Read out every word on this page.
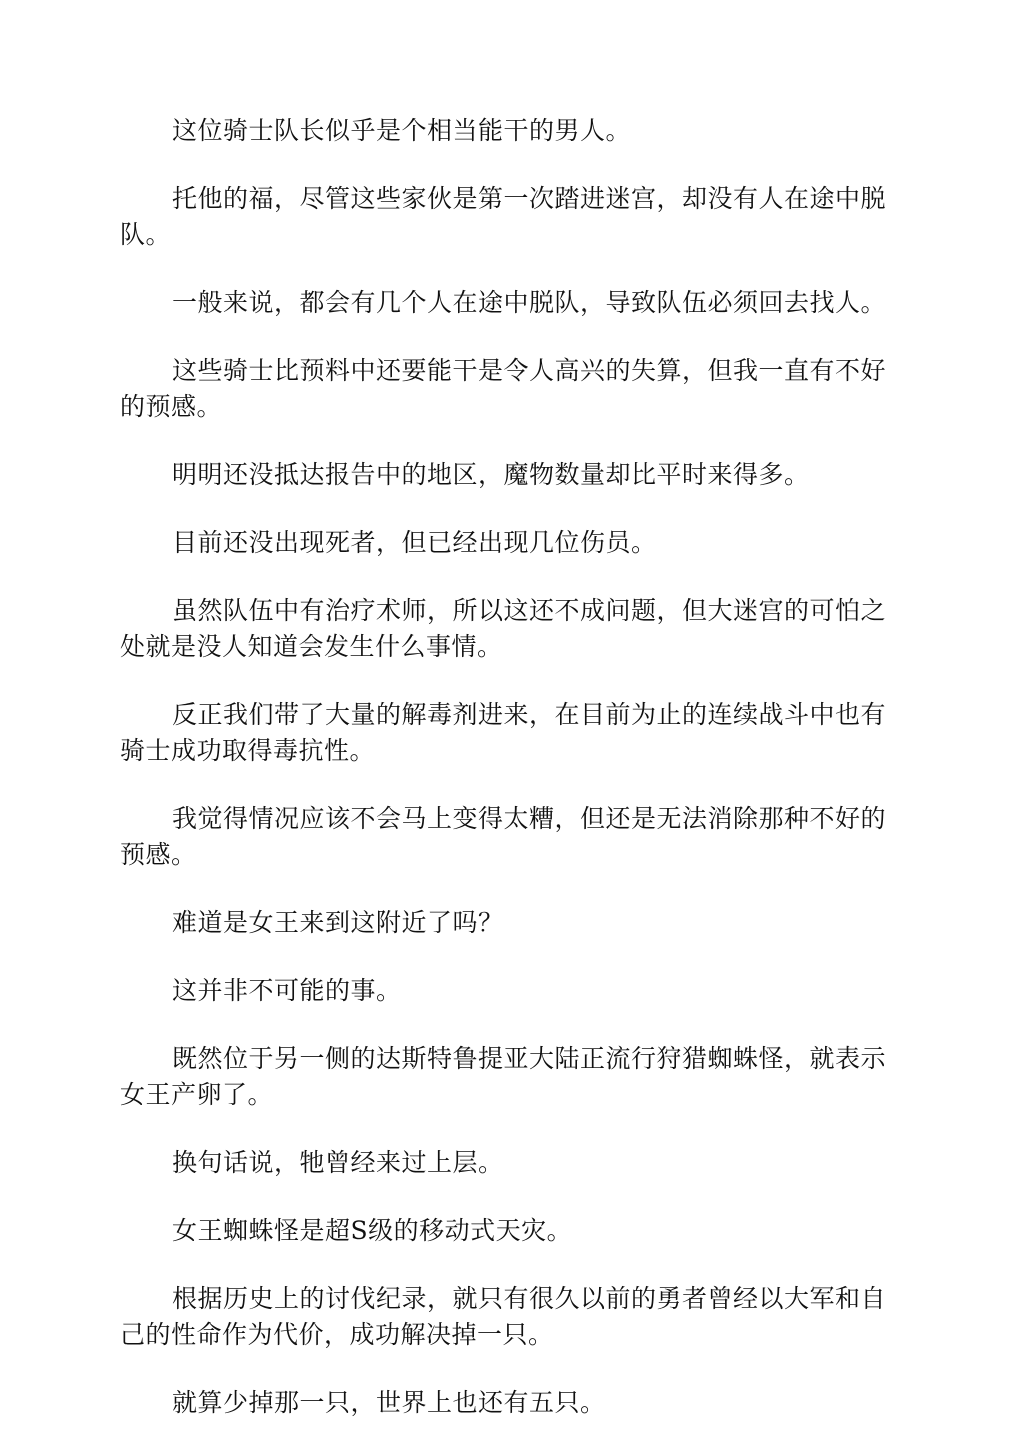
这位骑士队长似乎是个相当能干的男人。

托他的福，尽管这些家伙是第一次踏进迷宫，却没有人在途中脱队。

一般来说，都会有几个人在途中脱队，导致队伍必须回去找人。

这些骑士比预料中还要能干是令人高兴的失算，但我一直有不好的预感。

明明还没抵达报告中的地区，魔物数量却比平时来得多。

目前还没出现死者，但已经出现几位伤员。

虽然队伍中有治疗术师，所以这还不成问题，但大迷宫的可怕之处就是没人知道会发生什么事情。

反正我们带了大量的解毒剂进来，在目前为止的连续战斗中也有骑士成功取得毒抗性。

我觉得情况应该不会马上变得太糟，但还是无法消除那种不好的预感。

难道是女王来到这附近了吗？

这并非不可能的事。

既然位于另一侧的达斯特鲁提亚大陆正流行狩猎蜘蛛怪，就表示女王产卵了。

换句话说，牠曾经来过上层。

女王蜘蛛怪是超S级的移动式天灾。

根据历史上的讨伐纪录，就只有很久以前的勇者曾经以大军和自己的性命作为代价，成功解决掉一只。

就算少掉那一只，世界上也还有五只。
